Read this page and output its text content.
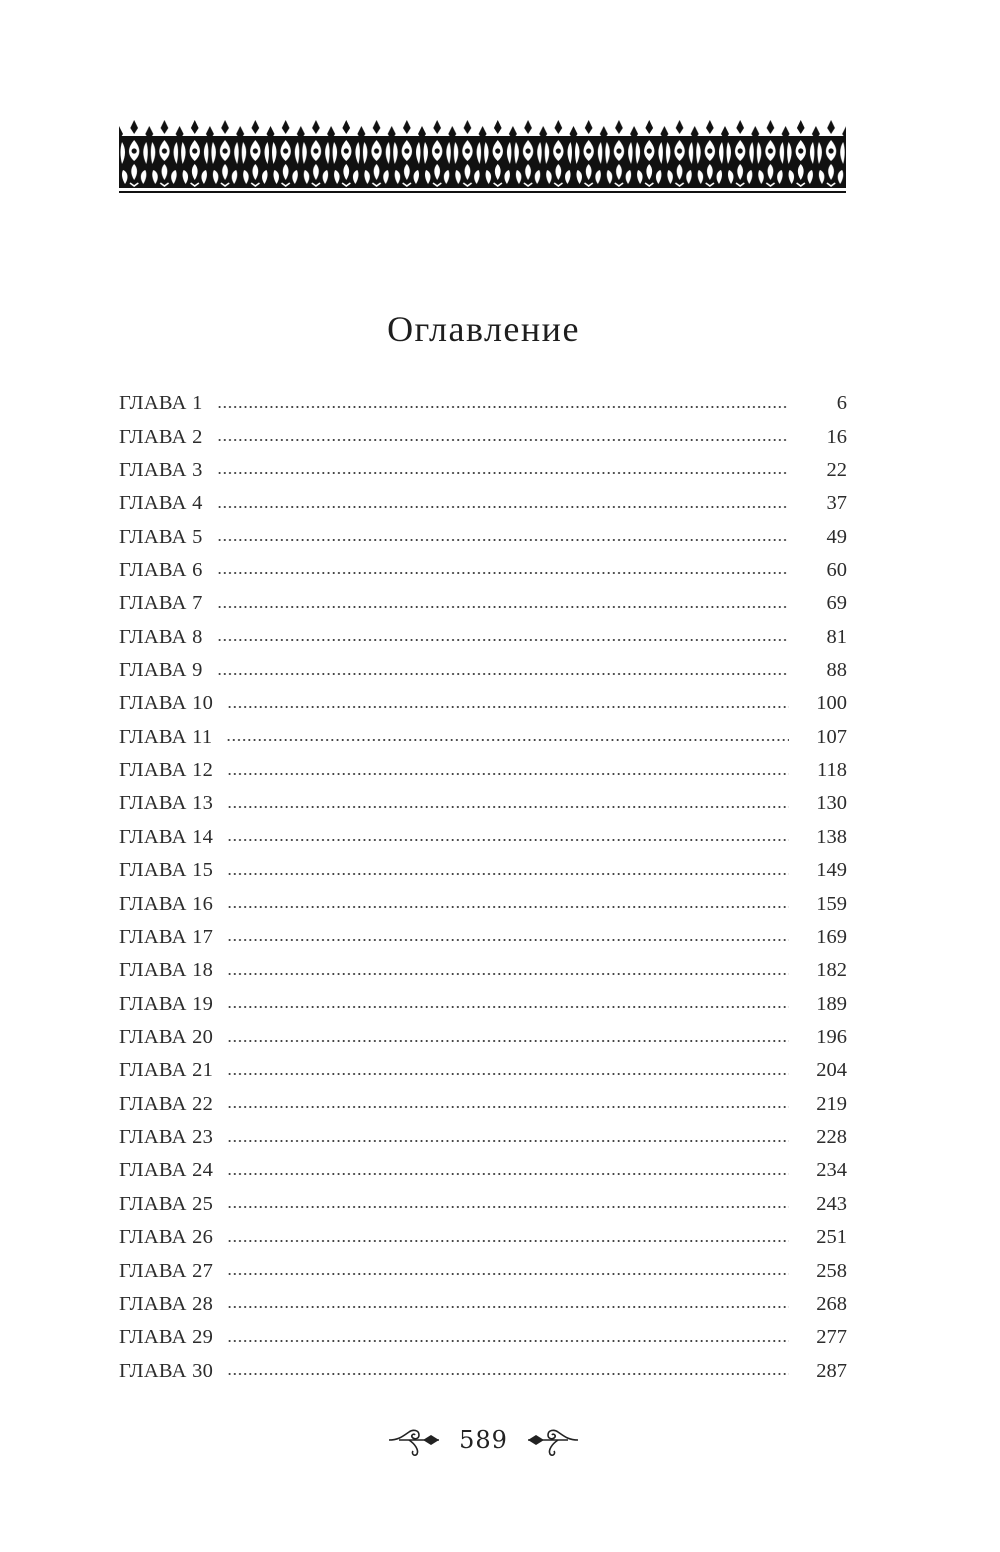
Оглавление
ГЛАВА 1	6
ГЛАВА 2	16
ГЛАВА 3	22
ГЛАВА 4	37
ГЛАВА 5	49
ГЛАВА 6	60
ГЛАВА 7	69
ГЛАВА 8	81
ГЛАВА 9	88
ГЛАВА 10	100
ГЛАВА 11	107
ГЛАВА 12	118
ГЛАВА 13	130
ГЛАВА 14	138
ГЛАВА 15	149
ГЛАВА 16	159
ГЛАВА 17	169
ГЛАВА 18	182
ГЛАВА 19	189
ГЛАВА 20	196
ГЛАВА 21	204
ГЛАВА 22	219
ГЛАВА 23	228
ГЛАВА 24	234
ГЛАВА 25	243
ГЛАВА 26	251
ГЛАВА 27	258
ГЛАВА 28	268
ГЛАВА 29	277
ГЛАВА 30	287
589
